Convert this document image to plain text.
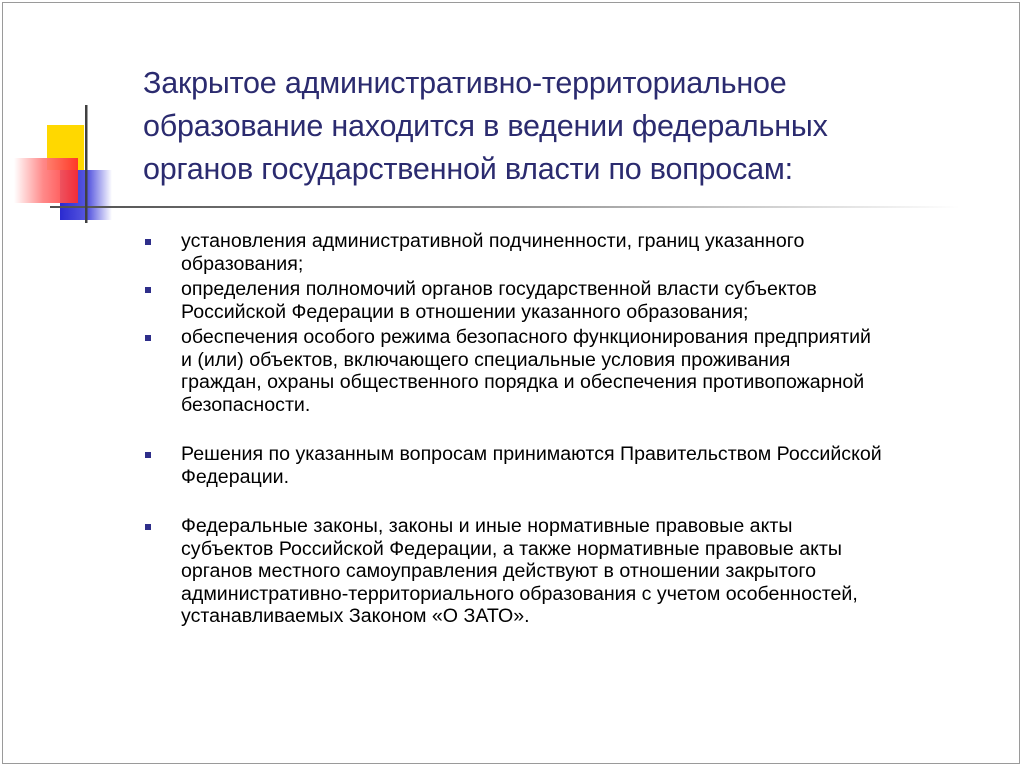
Закрытое административно-территориальное
образование находится в ведении федеральных
органов государственной власти по вопросам:
установления административной подчиненности, границ указанного
образования;
определения полномочий органов государственной власти субъектов
Российской Федерации в отношении указанного образования;
обеспечения особого режима безопасного функционирования предприятий
и (или) объектов, включающего специальные условия проживания
граждан, охраны общественного порядка и обеспечения противопожарной
безопасности.
Решения по указанным вопросам принимаются Правительством Российской
Федерации.
Федеральные законы, законы и иные нормативные правовые акты
субъектов Российской Федерации, а также нормативные правовые акты
органов местного самоуправления действуют в отношении закрытого
административно-территориального образования с учетом особенностей,
устанавливаемых Законом «О ЗАТО».
